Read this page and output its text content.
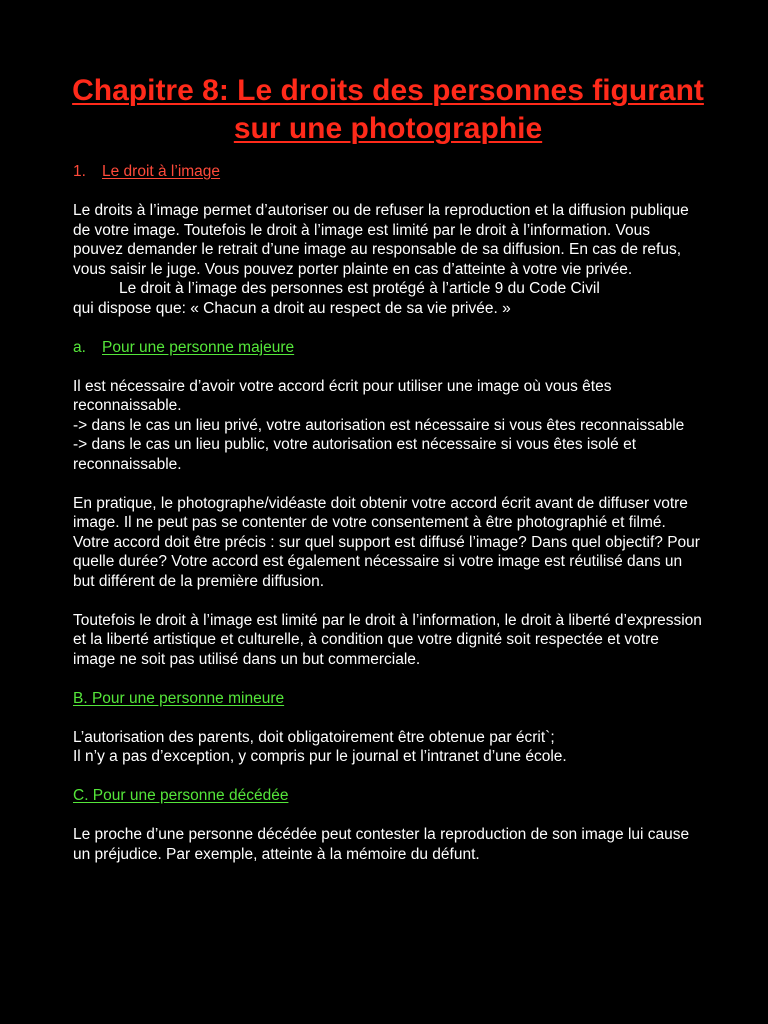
Chapitre 8: Le droits des personnes figurant sur une photographie

1. Le droit à l’image

Le droits à l’image permet d’autoriser ou de refuser la reproduction et la diffusion publique de votre image. Toutefois le droit à l’image est limité par le droit à l’information. Vous pouvez demander le retrait d’une image au responsable de sa diffusion. En cas de refus, vous saisir le juge. Vous pouvez porter plainte en cas d’atteinte à votre vie privée.

Le droit à l’image des personnes est protégé à l’article 9 du Code Civil

qui dispose que: « Chacun a droit au respect de sa vie privée. »

a. Pour une personne majeure

Il est nécessaire d’avoir votre accord écrit pour utiliser une image où vous êtes reconnaissable.

-> dans le cas un lieu privé, votre autorisation est nécessaire si vous êtes reconnaissable

-> dans le cas un lieu public, votre autorisation est nécessaire si vous êtes isolé et reconnaissable.

En pratique, le photographe/vidéaste doit obtenir votre accord écrit avant de diffuser votre image. Il ne peut pas se contenter de votre consentement à être photographié et filmé. Votre accord doit être précis : sur quel support est diffusé l’image? Dans quel objectif? Pour quelle durée? Votre accord est également nécessaire si votre image est réutilisé dans un but différent de la première diffusion.

Toutefois le droit à l’image est limité par le droit à l’information, le droit à liberté d’expression et la liberté artistique et culturelle, à condition que votre dignité soit respectée et votre image ne soit pas utilisé dans un but commerciale.

B. Pour une personne mineure

L’autorisation des parents, doit obligatoirement être obtenue par écrit`;

Il n’y a pas d’exception, y compris pur le journal et l’intranet d’une école.

C. Pour une personne décédée

Le proche d’une personne décédée peut contester la reproduction de son image lui cause un préjudice. Par exemple, atteinte à la mémoire du défunt.
